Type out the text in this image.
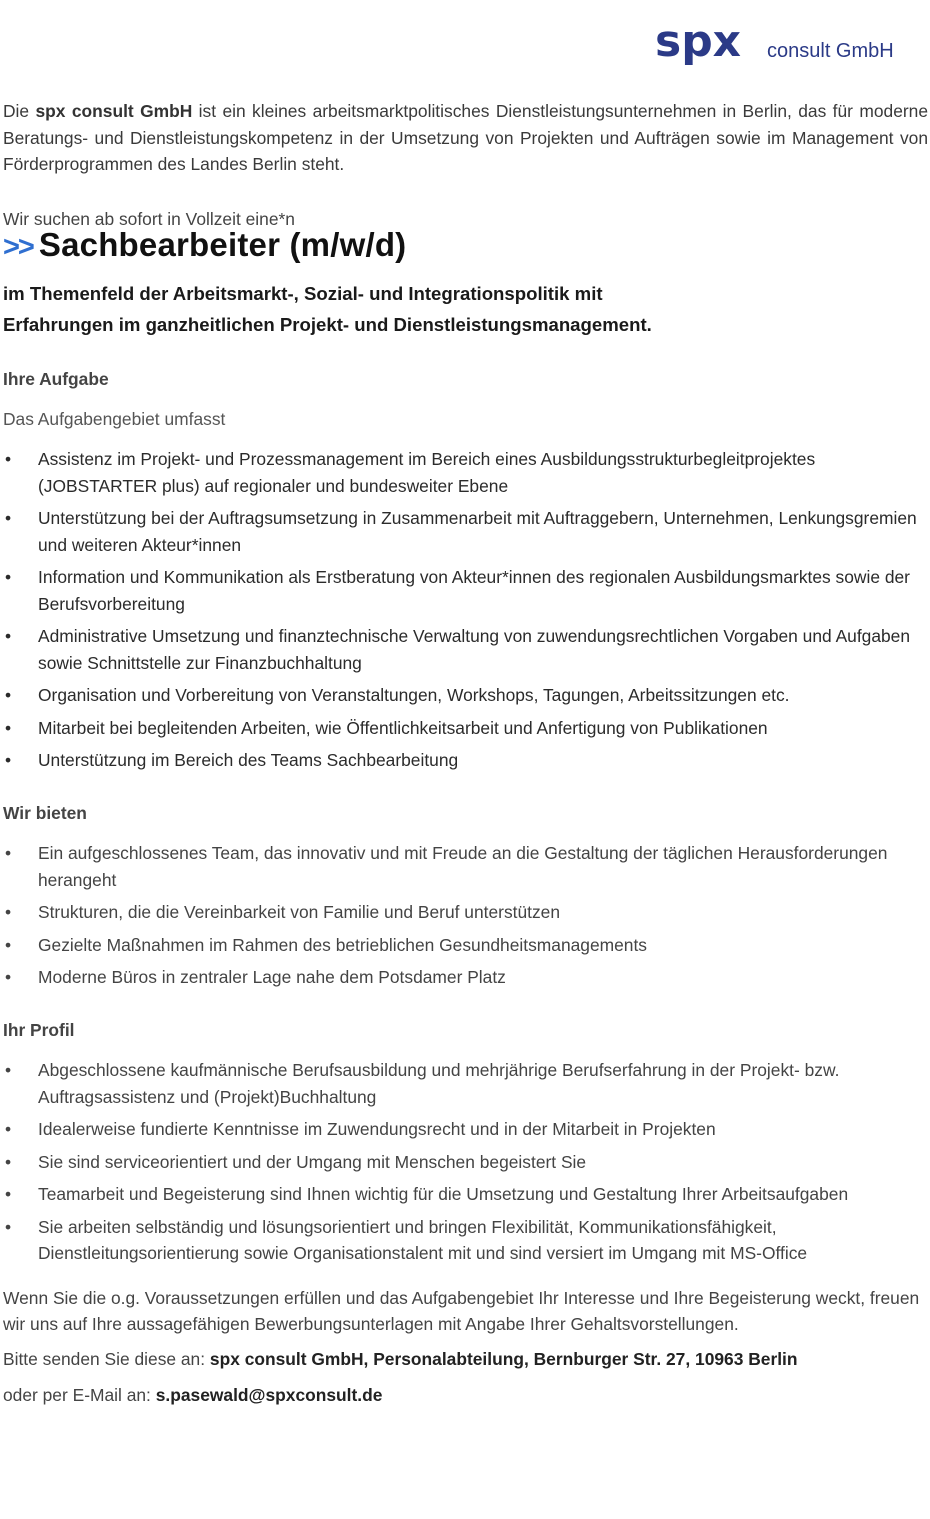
spx consult GmbH

Die spx consult GmbH ist ein kleines arbeitsmarktpolitisches Dienstleistungsunternehmen in Berlin, das für moderne Beratungs- und Dienstleistungskompetenz in der Umsetzung von Projekten und Aufträgen sowie im Management von Förderprogrammen des Landes Berlin steht.

Wir suchen ab sofort in Vollzeit eine*n

>> Sachbearbeiter (m/w/d)

im Themenfeld der Arbeitsmarkt-, Sozial- und Integrationspolitik mit
Erfahrungen im ganzheitlichen Projekt- und Dienstleistungsmanagement.

Ihre Aufgabe

Das Aufgabengebiet umfasst

• Assistenz im Projekt- und Prozessmanagement im Bereich eines Ausbildungsstrukturbegleitprojektes (JOBSTARTER plus) auf regionaler und bundesweiter Ebene
• Unterstützung bei der Auftragsumsetzung in Zusammenarbeit mit Auftraggebern, Unternehmen, Lenkungsgremien und weiteren Akteur*innen
• Information und Kommunikation als Erstberatung von Akteur*innen des regionalen Ausbildungsmarktes sowie der Berufsvorbereitung
• Administrative Umsetzung und finanztechnische Verwaltung von zuwendungsrechtlichen Vorgaben und Aufgaben sowie Schnittstelle zur Finanzbuchhaltung
• Organisation und Vorbereitung von Veranstaltungen, Workshops, Tagungen, Arbeitssitzungen etc.
• Mitarbeit bei begleitenden Arbeiten, wie Öffentlichkeitsarbeit und Anfertigung von Publikationen
• Unterstützung im Bereich des Teams Sachbearbeitung

Wir bieten

• Ein aufgeschlossenes Team, das innovativ und mit Freude an die Gestaltung der täglichen Herausforderungen herangeht
• Strukturen, die die Vereinbarkeit von Familie und Beruf unterstützen
• Gezielte Maßnahmen im Rahmen des betrieblichen Gesundheitsmanagements
• Moderne Büros in zentraler Lage nahe dem Potsdamer Platz

Ihr Profil

• Abgeschlossene kaufmännische Berufsausbildung und mehrjährige Berufserfahrung in der Projekt- bzw. Auftragsassistenz und (Projekt)Buchhaltung
• Idealerweise fundierte Kenntnisse im Zuwendungsrecht und in der Mitarbeit in Projekten
• Sie sind serviceorientiert und der Umgang mit Menschen begeistert Sie
• Teamarbeit und Begeisterung sind Ihnen wichtig für die Umsetzung und Gestaltung Ihrer Arbeitsaufgaben
• Sie arbeiten selbständig und lösungsorientiert und bringen Flexibilität, Kommunikationsfähigkeit, Dienstleitungsorientierung sowie Organisationstalent mit und sind versiert im Umgang mit MS-Office

Wenn Sie die o.g. Voraussetzungen erfüllen und das Aufgabengebiet Ihr Interesse und Ihre Begeisterung weckt, freuen wir uns auf Ihre aussagefähigen Bewerbungsunterlagen mit Angabe Ihrer Gehaltsvorstellungen.

Bitte senden Sie diese an: spx consult GmbH, Personalabteilung, Bernburger Str. 27, 10963 Berlin

oder per E-Mail an: s.pasewald@spxconsult.de
